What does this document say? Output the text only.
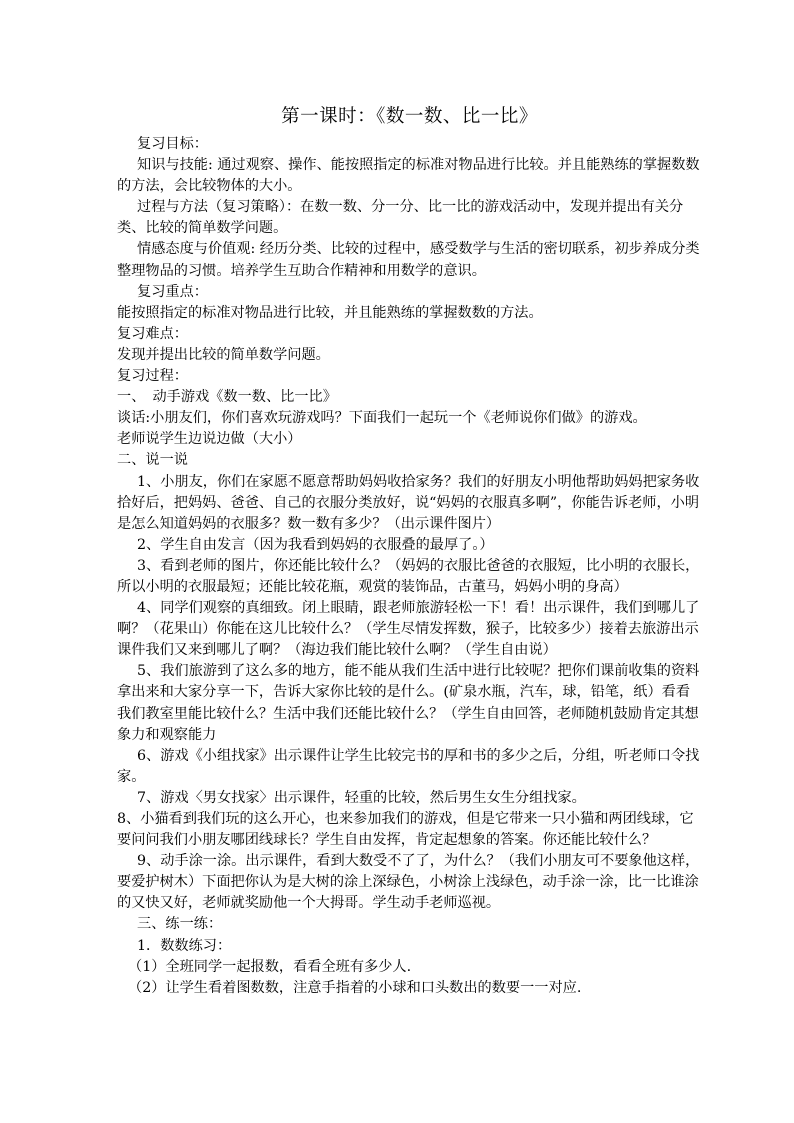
第一课时：《数一数、比一比》

复习目标：

知识与技能: 通过观察、操作、能按照指定的标准对物品进行比较。并且能熟练的掌握数数的方法，会比较物体的大小。

过程与方法（复习策略）：在数一数、分一分、比一比的游戏活动中，发现并提出有关分类、比较的简单数学问题。

情感态度与价值观: 经历分类、比较的过程中，感受数学与生活的密切联系，初步养成分类整理物品的习惯。培养学生互助合作精神和用数学的意识。

复习重点：

能按照指定的标准对物品进行比较，并且能熟练的掌握数数的方法。

复习难点：

发现并提出比较的简单数学问题。

复习过程：

一、　动手游戏《数一数、比一比》

谈话:小朋友们，你们喜欢玩游戏吗？下面我们一起玩一个《老师说你们做》的游戏。

老师说学生边说边做（大小）

二、说一说

1、小朋友，你们在家愿不愿意帮助妈妈收拾家务？我们的好朋友小明他帮助妈妈把家务收拾好后，把妈妈、爸爸、自己的衣服分类放好，说“妈妈的衣服真多啊”，你能告诉老师，小明是怎么知道妈妈的衣服多？数一数有多少？（出示课件图片）

2、学生自由发言（因为我看到妈妈的衣服叠的最厚了。）

3、看到老师的图片，你还能比较什么？（妈妈的衣服比爸爸的衣服短，比小明的衣服长，所以小明的衣服最短；还能比较花瓶，观赏的装饰品，古董马，妈妈小明的身高）

4、同学们观察的真细致。闭上眼睛，跟老师旅游轻松一下！看！出示课件，我们到哪儿了啊？（花果山）你能在这儿比较什么？（学生尽情发挥数，猴子，比较多少）接着去旅游出示课件我们又来到哪儿了啊？（海边我们能比较什么啊？（学生自由说）

5、我们旅游到了这么多的地方，能不能从我们生活中进行比较呢？把你们课前收集的资料拿出来和大家分享一下，告诉大家你比较的是什么。(矿泉水瓶，汽车，球，铅笔，纸）看看我们教室里能比较什么？生活中我们还能比较什么？（学生自由回答，老师随机鼓励肯定其想象力和观察能力

6、游戏《小组找家》出示课件让学生比较完书的厚和书的多少之后，分组，听老师口令找家。

7、游戏〈男女找家〉出示课件，轻重的比较，然后男生女生分组找家。

8、小猫看到我们玩的这么开心，也来参加我们的游戏，但是它带来一只小猫和两团线球，它要问问我们小朋友哪团线球长？学生自由发挥，肯定起想象的答案。你还能比较什么？

9、动手涂一涂。出示课件，看到大数受不了了，为什么？（我们小朋友可不要象他这样，要爱护树木）下面把你认为是大树的涂上深绿色，小树涂上浅绿色，动手涂一涂，比一比谁涂的又快又好，老师就奖励他一个大拇哥。学生动手老师巡视。

三、练一练：

1．数数练习：

（1）全班同学一起报数，看看全班有多少人.

（2）让学生看着图数数，注意手指着的小球和口头数出的数要一一对应.
